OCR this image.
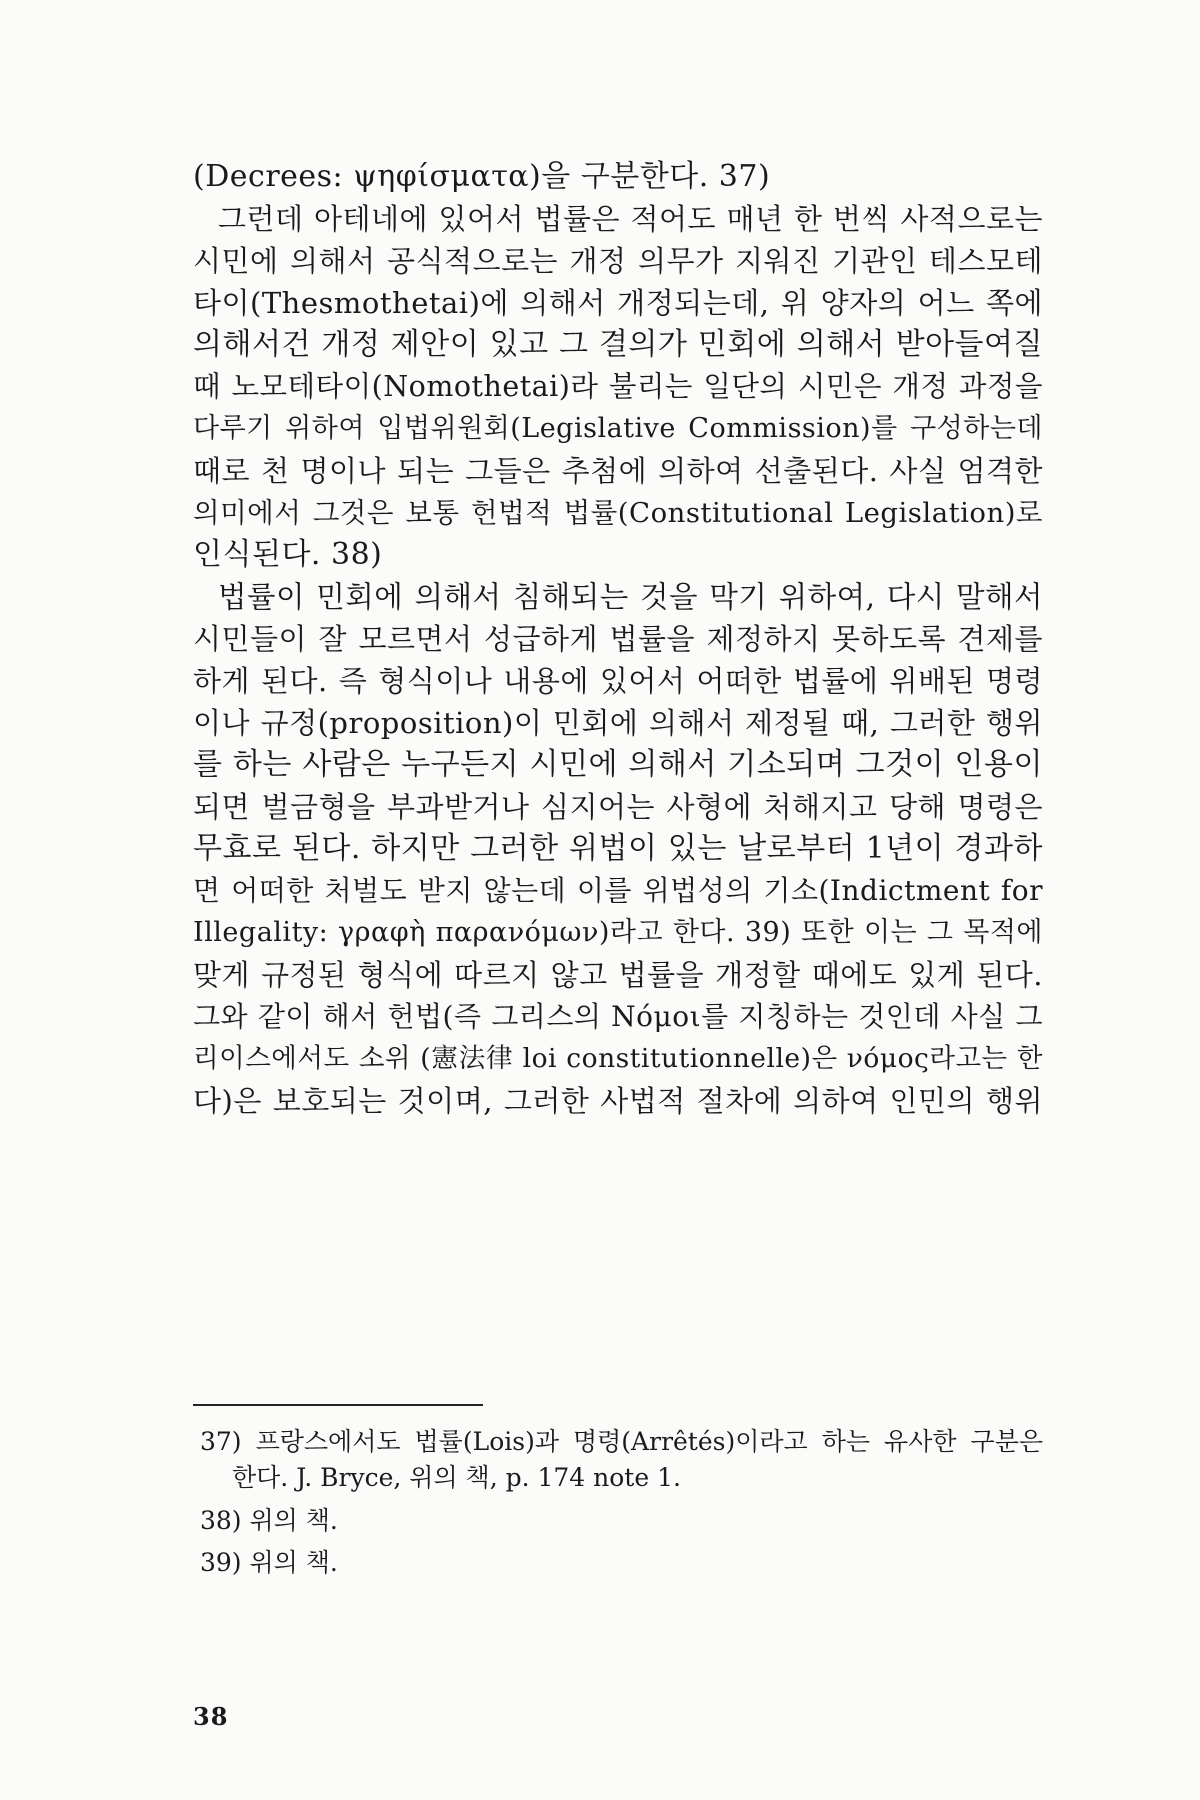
(Decrees: ψηφίσματα)을 구분한다. 37)
그런데 아테네에 있어서 법률은 적어도 매년 한 번씩 사적으로는
시민에 의해서 공식적으로는 개정 의무가 지워진 기관인 테스모테
타이(Thesmothetai)에 의해서 개정되는데, 위 양자의 어느 쪽에
의해서건 개정 제안이 있고 그 결의가 민회에 의해서 받아들여질
때 노모테타이(Nomothetai)라 불리는 일단의 시민은 개정 과정을
다루기 위하여 입법위원회(Legislative Commission)를 구성하는데
때로 천 명이나 되는 그들은 추첨에 의하여 선출된다. 사실 엄격한
의미에서 그것은 보통 헌법적 법률(Constitutional Legislation)로
인식된다. 38)
법률이 민회에 의해서 침해되는 것을 막기 위하여, 다시 말해서
시민들이 잘 모르면서 성급하게 법률을 제정하지 못하도록 견제를
하게 된다. 즉 형식이나 내용에 있어서 어떠한 법률에 위배된 명령
이나 규정(proposition)이 민회에 의해서 제정될 때, 그러한 행위
를 하는 사람은 누구든지 시민에 의해서 기소되며 그것이 인용이
되면 벌금형을 부과받거나 심지어는 사형에 처해지고 당해 명령은
무효로 된다. 하지만 그러한 위법이 있는 날로부터 1년이 경과하
면 어떠한 처벌도 받지 않는데 이를 위법성의 기소(Indictment for
Illegality: γραφὴ παρανόμων)라고 한다. 39) 또한 이는 그 목적에
맞게 규정된 형식에 따르지 않고 법률을 개정할 때에도 있게 된다.
그와 같이 해서 헌법(즉 그리스의 Nόμοι를 지칭하는 것인데 사실 그
리이스에서도 소위 (憲法律 loi constitutionnelle)은 νόμος라고는 한
다)은 보호되는 것이며, 그러한 사법적 절차에 의하여 인민의 행위
37) 프랑스에서도 법률(Lois)과 명령(Arrêtés)이라고 하는 유사한 구분은
한다. J. Bryce, 위의 책, p. 174 note 1.
38) 위의 책.
39) 위의 책.
38
